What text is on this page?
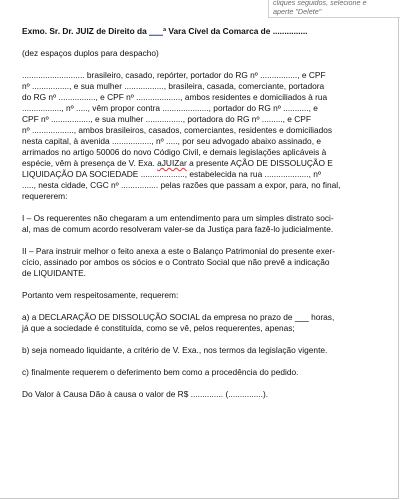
cliques seguidos, selecione e
aperte "Delete"

Exmo. Sr. Dr. JUIZ de Direito da ___ª Vara Cível da Comarca de ...............

(dez espaços duplos para despacho)

........................... brasileiro, casado, repórter, portador do RG nº ................, e CPF

nº ................, e sua mulher ................., brasileira, casada, comerciante, portadora

do RG nº ................, e CPF nº ..................., ambos residentes e domiciliados à rua

................., nº ....., vêm propor contra ...................., portador do RG nº ..........., e

CPF nº ................., e sua mulher ................, portadora do RG nº ........., e CPF

nº .................., ambos brasileiros, casados, comerciantes, residentes e domiciliados

nesta capital, à avenida ................., nº ....., por seu advogado abaixo assinado, e

arrimados no artigo 50006 do novo Código Civil, e demais legislações aplicáveis à

espécie, vêm à presença de V. Exa. aJUIZar a presente AÇÃO DE DISSOLUÇÃO E

LIQUIDAÇÃO DA SOCIEDADE ..................., estabelecida na rua ..................., nº

....., nesta cidade, CGC nº ................ pelas razões que passam a expor, para, no final,

requererem:

I – Os requerentes não chegaram a um entendimento para um simples distrato soci-

al, mas de comum acordo resolveram valer-se da Justiça para fazê-lo judicialmente.

II – Para instruir melhor o feito anexa a este o Balanço Patrimonial do presente exer-

cício, assinado por ambos os sócios e o Contrato Social que não prevê a indicação

de LIQUIDANTE.

Portanto vem respeitosamente, requerem:

a) a DECLARAÇÃO DE DISSOLUÇÃO SOCIAL da empresa no prazo de ___ horas,

já que a sociedade é constituída, como se vê, pelos requerentes, apenas;

b) seja nomeado liquidante, a critério de V. Exa., nos termos da legislação vigente.

c) finalmente requerem o deferimento bem como a procedência do pedido.

Do Valor à Causa Dão à causa o valor de R$ .............. (...............).
